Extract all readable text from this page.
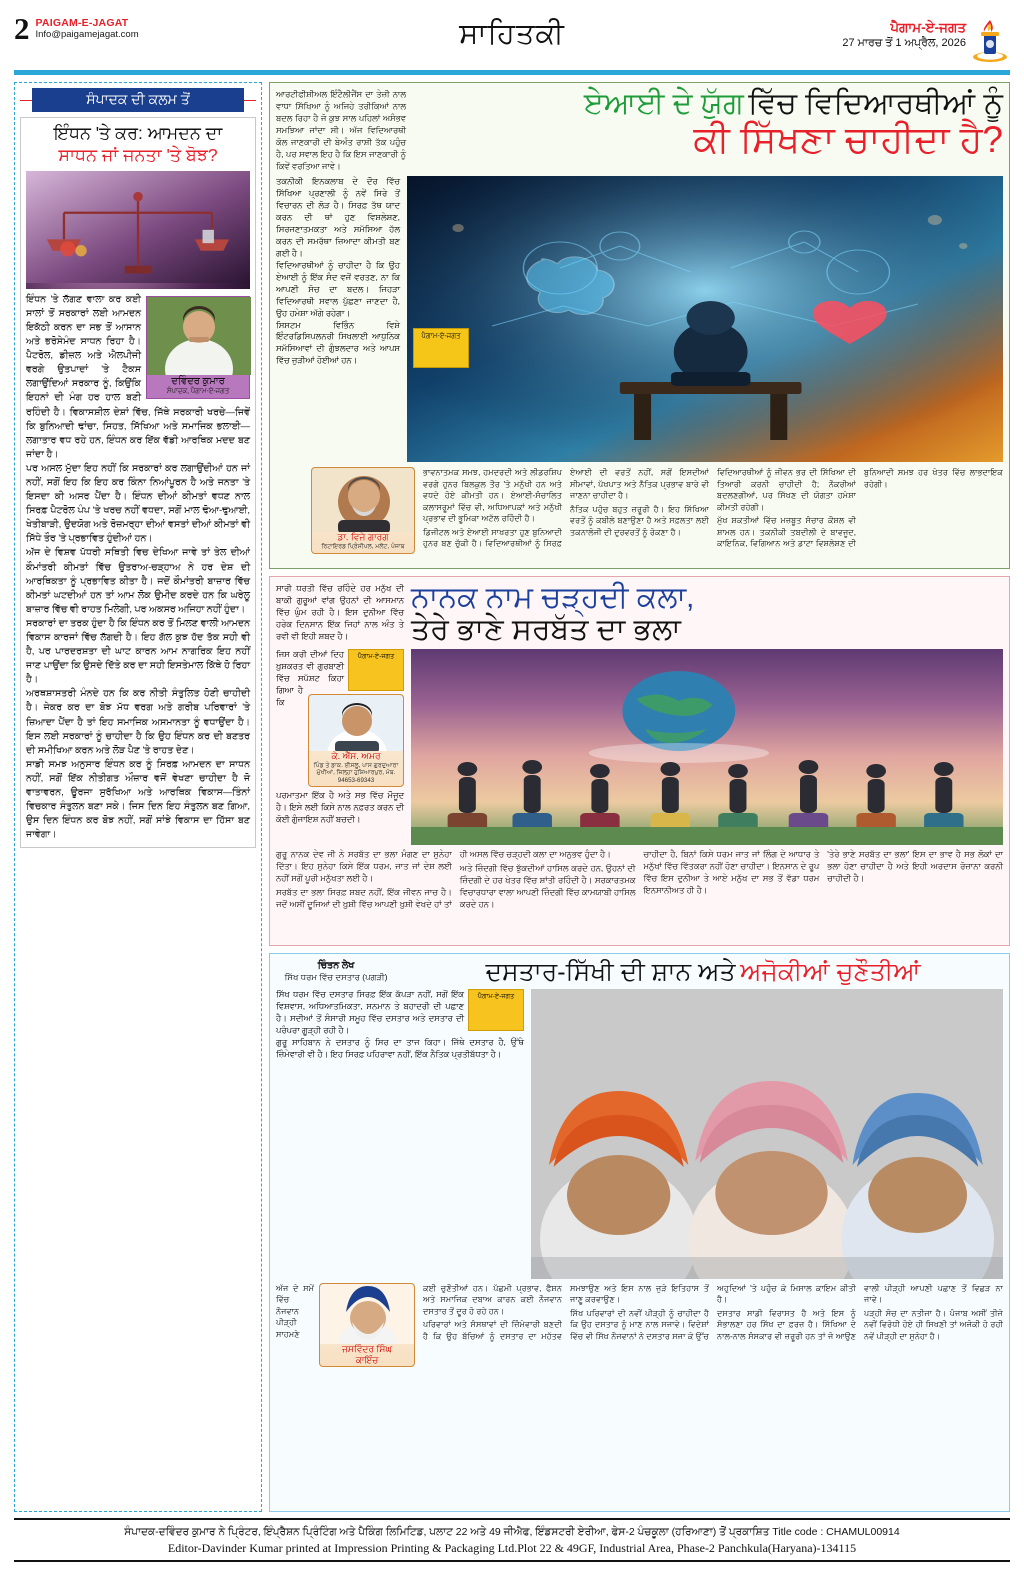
2 PAIGAM-E-JAGAT
Info@paigamejagat.com	ਸਾਹਿਤਕੀ	ਪੈਗਾਮ-ਏ-ਜਗਤ
27 ਮਾਰਚ ਤੋਂ 1 ਅਪ੍ਰੈਲ, 2026
ਸੰਪਾਦਕ ਦੀ ਕਲਮ ਤੋਂ
ਇੰਧਨ 'ਤੇ ਕਰ: ਆਮਦਨ ਦਾ
ਸਾਧਨ ਜਾਂ ਜਨਤਾ 'ਤੇ ਬੋਝ?
ਦਵਿੰਦਰ ਕੁਮਾਰ
ਸੰਪਾਦਕ, ਪੈਗਾਮ-ਏ-ਜਗਤ

ਇੰਧਨ 'ਤੇ ਲੱਗਣ ਵਾਲਾ ਕਰ ਕਈ ਸਾਲਾਂ ਤੋਂ ਸਰਕਾਰਾਂ ਲਈ ਆਮਦਨ ਇਕੱਠੀ ਕਰਨ ਦਾ ਸਭ ਤੋਂ ਆਸਾਨ ਅਤੇ ਭਰੋਸੇਮੰਦ ਸਾਧਨ ਰਿਹਾ ਹੈ। ਪੈਟਰੋਲ, ਡੀਜ਼ਲ ਅਤੇ ਐਲਪੀਜੀ ਵਰਗੇ ਉਤਪਾਦਾਂ 'ਤੇ ਟੈਕਸ ਲਗਾਉਂਦਿਆਂ ਸਰਕਾਰ ਨੂੰ, ਕਿਉਂਕਿ ਇਹਨਾਂ ਦੀ ਮੰਗ ਹਰ ਹਾਲ ਬਣੀ ਰਹਿੰਦੀ ਹੈ। ਵਿਕਾਸਸ਼ੀਲ ਦੇਸ਼ਾਂ ਵਿੱਚ, ਜਿੱਥੇ ਸਰਕਾਰੀ ਖਰਚੇ—ਜਿਵੇਂ ਕਿ ਬੁਨਿਆਦੀ ਢਾਂਚਾ, ਸਿਹਤ, ਸਿੱਖਿਆ ਅਤੇ ਸਮਾਜਿਕ ਭਲਾਈ—ਲਗਾਤਾਰ ਵਧ ਰਹੇ ਹਨ, ਇੰਧਨ ਕਰ ਇੱਕ ਵੱਡੀ ਆਰਥਿਕ ਮਦਦ ਬਣ ਜਾਂਦਾ ਹੈ।

ਪਰ ਅਸਲ ਮੁੱਦਾ ਇਹ ਨਹੀਂ ਕਿ ਸਰਕਾਰਾਂ ਕਰ ਲਗਾਉਂਦੀਆਂ ਹਨ ਜਾਂ ਨਹੀਂ, ਸਗੋਂ ਇਹ ਕਿ ਇਹ ਕਰ ਕਿੰਨਾ ਨਿਆਂਪੂਰਨ ਹੈ ਅਤੇ ਜਨਤਾ 'ਤੇ ਇਸਦਾ ਕੀ ਅਸਰ ਪੈਂਦਾ ਹੈ। ਇੰਧਨ ਦੀਆਂ ਕੀਮਤਾਂ ਵਧਣ ਨਾਲ ਸਿਰਫ਼ ਪੈਟਰੋਲ ਪੰਪ 'ਤੇ ਖਰਚ ਨਹੀਂ ਵਧਦਾ, ਸਗੋਂ ਮਾਲ ਢੋਆ-ਢੁਆਈ, ਖੇਤੀਬਾੜੀ, ਉਦਯੋਗ ਅਤੇ ਰੋਜ਼ਮਰ੍ਹਾ ਦੀਆਂ ਵਸਤਾਂ ਦੀਆਂ ਕੀਮਤਾਂ ਵੀ ਸਿੱਧੇ ਤੌਰ 'ਤੇ ਪ੍ਰਭਾਵਿਤ ਹੁੰਦੀਆਂ ਹਨ।

ਅੱਜ ਦੇ ਵਿਸ਼ਵ ਪੱਧਰੀ ਸਥਿਤੀ ਵਿਚ ਦੇਖਿਆ ਜਾਵੇ ਤਾਂ ਤੇਲ ਦੀਆਂ ਕੌਮਾਂਤਰੀ ਕੀਮਤਾਂ ਵਿੱਚ ਉਤਰਾਅ-ਚੜ੍ਹਾਅ ਨੇ ਹਰ ਦੇਸ਼ ਦੀ ਆਰਥਿਕਤਾ ਨੂੰ ਪ੍ਰਭਾਵਿਤ ਕੀਤਾ ਹੈ। ਜਦੋਂ ਕੌਮਾਂਤਰੀ ਬਾਜ਼ਾਰ ਵਿੱਚ ਕੀਮਤਾਂ ਘਟਦੀਆਂ ਹਨ ਤਾਂ ਆਮ ਲੋਕ ਉਮੀਦ ਕਰਦੇ ਹਨ ਕਿ ਘਰੇਲੂ ਬਾਜ਼ਾਰ ਵਿੱਚ ਵੀ ਰਾਹਤ ਮਿਲੇਗੀ, ਪਰ ਅਕਸਰ ਅਜਿਹਾ ਨਹੀਂ ਹੁੰਦਾ।

ਸਰਕਾਰਾਂ ਦਾ ਤਰਕ ਹੁੰਦਾ ਹੈ ਕਿ ਇੰਧਨ ਕਰ ਤੋਂ ਮਿਲਣ ਵਾਲੀ ਆਮਦਨ ਵਿਕਾਸ ਕਾਰਜਾਂ ਵਿੱਚ ਲੱਗਦੀ ਹੈ। ਇਹ ਗੱਲ ਕੁਝ ਹੱਦ ਤੱਕ ਸਹੀ ਵੀ ਹੈ, ਪਰ ਪਾਰਦਰਸ਼ਤਾ ਦੀ ਘਾਟ ਕਾਰਨ ਆਮ ਨਾਗਰਿਕ ਇਹ ਨਹੀਂ ਜਾਣ ਪਾਉਂਦਾ ਕਿ ਉਸਦੇ ਦਿੱਤੇ ਕਰ ਦਾ ਸਹੀ ਇਸਤੇਮਾਲ ਕਿੱਥੇ ਹੋ ਰਿਹਾ ਹੈ।

ਅਰਥਸ਼ਾਸਤਰੀ ਮੰਨਦੇ ਹਨ ਕਿ ਕਰ ਨੀਤੀ ਸੰਤੁਲਿਤ ਹੋਣੀ ਚਾਹੀਦੀ ਹੈ। ਜੇਕਰ ਕਰ ਦਾ ਬੋਝ ਮੱਧ ਵਰਗ ਅਤੇ ਗਰੀਬ ਪਰਿਵਾਰਾਂ 'ਤੇ ਜ਼ਿਆਦਾ ਪੈਂਦਾ ਹੈ ਤਾਂ ਇਹ ਸਮਾਜਿਕ ਅਸਮਾਨਤਾ ਨੂੰ ਵਧਾਉਂਦਾ ਹੈ। ਇਸ ਲਈ ਸਰਕਾਰਾਂ ਨੂੰ ਚਾਹੀਦਾ ਹੈ ਕਿ ਉਹ ਇੰਧਨ ਕਰ ਦੀ ਬਣਤਰ ਦੀ ਸਮੀਖਿਆ ਕਰਨ ਅਤੇ ਲੋੜ ਪੈਣ 'ਤੇ ਰਾਹਤ ਦੇਣ।

ਸਾਡੀ ਸਮਝ ਅਨੁਸਾਰ ਇੰਧਨ ਕਰ ਨੂੰ ਸਿਰਫ਼ ਆਮਦਨ ਦਾ ਸਾਧਨ ਨਹੀਂ, ਸਗੋਂ ਇੱਕ ਨੀਤੀਗਤ ਔਜ਼ਾਰ ਵਜੋਂ ਵੇਖਣਾ ਚਾਹੀਦਾ ਹੈ ਜੋ ਵਾਤਾਵਰਨ, ਊਰਜਾ ਸੁਰੱਖਿਆ ਅਤੇ ਆਰਥਿਕ ਵਿਕਾਸ—ਤਿੰਨਾਂ ਵਿਚਕਾਰ ਸੰਤੁਲਨ ਬਣਾ ਸਕੇ। ਜਿਸ ਦਿਨ ਇਹ ਸੰਤੁਲਨ ਬਣ ਗਿਆ, ਉਸ ਦਿਨ ਇੰਧਨ ਕਰ ਬੋਝ ਨਹੀਂ, ਸਗੋਂ ਸਾਂਝੇ ਵਿਕਾਸ ਦਾ ਹਿੱਸਾ ਬਣ ਜਾਵੇਗਾ।

ਆਰਟੀਫੀਸ਼ੀਅਲ ਇੰਟੈਲੀਜੈਂਸ ਦਾ ਤੇਜ਼ੀ ਨਾਲ ਵਾਧਾ ਸਿੱਖਿਆ ਨੂੰ ਅਜਿਹੇ ਤਰੀਕਿਆਂ ਨਾਲ ਬਦਲ ਰਿਹਾ ਹੈ ਜੋ ਕੁਝ ਸਾਲ ਪਹਿਲਾਂ ਅਸੰਭਵ ਸਮਝਿਆ ਜਾਂਦਾ ਸੀ। ਅੱਜ ਵਿਦਿਆਰਥੀ ਕੋਲ ਜਾਣਕਾਰੀ ਦੀ ਬੇਅੰਤ ਰਾਸ਼ੀ ਤੱਕ ਪਹੁੰਚ ਹੈ, ਪਰ ਸਵਾਲ ਇਹ ਹੈ ਕਿ ਇਸ ਜਾਣਕਾਰੀ ਨੂੰ ਕਿਵੇਂ ਵਰਤਿਆ ਜਾਵੇ।
ਏਆਈ ਦੇ ਯੁੱਗ ਵਿੱਚ ਵਿਦਿਆਰਥੀਆਂ ਨੂੰ
ਕੀ ਸਿੱਖਣਾ ਚਾਹੀਦਾ ਹੈ?

ਤਕਨੀਕੀ ਇਨਕਲਾਬ ਦੇ ਦੌਰ ਵਿੱਚ ਸਿੱਖਿਆ ਪ੍ਰਣਾਲੀ ਨੂੰ ਨਵੇਂ ਸਿਰੇ ਤੋਂ ਵਿਚਾਰਨ ਦੀ ਲੋੜ ਹੈ। ਸਿਰਫ਼ ਤੱਥ ਯਾਦ ਕਰਨ ਦੀ ਥਾਂ ਹੁਣ ਵਿਸ਼ਲੇਸ਼ਣ, ਸਿਰਜਣਾਤਮਕਤਾ ਅਤੇ ਸਮੱਸਿਆ ਹੱਲ ਕਰਨ ਦੀ ਸਮਰੱਥਾ ਜ਼ਿਆਦਾ ਕੀਮਤੀ ਬਣ ਗਈ ਹੈ।

ਵਿਦਿਆਰਥੀਆਂ ਨੂੰ ਚਾਹੀਦਾ ਹੈ ਕਿ ਉਹ ਏਆਈ ਨੂੰ ਇੱਕ ਸੰਦ ਵਜੋਂ ਵਰਤਣ, ਨਾ ਕਿ ਆਪਣੀ ਸੋਚ ਦਾ ਬਦਲ। ਜਿਹੜਾ ਵਿਦਿਆਰਥੀ ਸਵਾਲ ਪੁੱਛਣਾ ਜਾਣਦਾ ਹੈ, ਉਹ ਹਮੇਸ਼ਾ ਅੱਗੇ ਰਹੇਗਾ।

ਸਿਸਟਮ ਵਿਭਿੰਨ ਵਿਸ਼ੇ ਇੰਟਰਡਿਸਿਪਲਨਰੀ ਸਿਖਲਾਈ ਆਧੁਨਿਕ ਸਮੱਸਿਆਵਾਂ ਦੀ ਗੁੰਝਲਦਾਰ ਅਤੇ ਆਪਸ ਵਿੱਚ ਜੁੜੀਆਂ ਹੋਈਆਂ ਹਨ।

ਪੈਗਾਮ-ਏ-ਜਗਤ
ਡਾ. ਵਿਜੇ ਗਾਰਗ
ਰਿਟਾਇਰਡ ਪ੍ਰਿੰਸੀਪਲ, ਮਲੋਟ, ਪੰਜਾਬ

ਭਾਵਨਾਤਮਕ ਸਮਝ, ਹਮਦਰਦੀ ਅਤੇ ਲੀਡਰਸ਼ਿਪ ਵਰਗੇ ਹੁਨਰ ਬਿਲਕੁਲ ਤੌਰ 'ਤੇ ਮਨੁੱਖੀ ਹਨ ਅਤੇ ਵਧਦੇ ਹੋਏ ਕੀਮਤੀ ਹਨ। ਏਆਈ-ਸੰਚਾਲਿਤ ਕਲਾਸਰੂਮਾਂ ਵਿੱਚ ਵੀ, ਅਧਿਆਪਕਾਂ ਅਤੇ ਮਨੁੱਖੀ ਪ੍ਰਭਾਵ ਦੀ ਭੂਮਿਕਾ ਅਟੱਲ ਰਹਿੰਦੀ ਹੈ।

ਡਿਜੀਟਲ ਅਤੇ ਏਆਈ ਸਾਖਰਤਾ ਹੁਣ ਬੁਨਿਆਦੀ ਹੁਨਰ ਬਣ ਚੁੱਕੀ ਹੈ। ਵਿਦਿਆਰਥੀਆਂ ਨੂੰ ਸਿਰਫ਼ ਏਆਈ ਦੀ ਵਰਤੋਂ ਨਹੀਂ, ਸਗੋਂ ਇਸਦੀਆਂ ਸੀਮਾਵਾਂ, ਪੱਖਪਾਤ ਅਤੇ ਨੈਤਿਕ ਪ੍ਰਭਾਵ ਬਾਰੇ ਵੀ ਜਾਣਨਾ ਚਾਹੀਦਾ ਹੈ।

ਨੈਤਿਕ ਪਹੁੰਚ ਬਹੁਤ ਜ਼ਰੂਰੀ ਹੈ। ਇਹ ਸਿੱਖਿਆ ਵਰਤੋਂ ਨੂੰ ਕਬੀਲੇ ਬਣਾਉਣਾ ਹੈ ਅਤੇ ਸਫ਼ਲਤਾ ਲਈ ਤਕਨਾਲੋਜੀ ਦੀ ਦੁਰਵਰਤੋਂ ਨੂੰ ਰੋਕਣਾ ਹੈ।

ਵਿਦਿਆਰਥੀਆਂ ਨੂੰ ਜੀਵਨ ਭਰ ਦੀ ਸਿੱਖਿਆ ਦੀ ਤਿਆਰੀ ਕਰਨੀ ਚਾਹੀਦੀ ਹੈ; ਨੌਕਰੀਆਂ ਬਦਲਣਗੀਆਂ, ਪਰ ਸਿੱਖਣ ਦੀ ਯੋਗਤਾ ਹਮੇਸ਼ਾ ਕੀਮਤੀ ਰਹੇਗੀ।

ਮੁੱਖ ਸ਼ਕਤੀਆਂ ਵਿੱਚ ਮਜ਼ਬੂਤ ਸੰਚਾਰ ਕੌਸ਼ਲ ਵੀ ਸ਼ਾਮਲ ਹਨ। ਤਕਨੀਕੀ ਤਬਦੀਲੀ ਦੇ ਬਾਵਜੂਦ, ਕਾਇਨਿਕ, ਵਿਗਿਆਨ ਅਤੇ ਡਾਟਾ ਵਿਸ਼ਲੇਸ਼ਣ ਦੀ ਬੁਨਿਆਦੀ ਸਮਝ ਹਰ ਖੇਤਰ ਵਿੱਚ ਲਾਭਦਾਇਕ ਰਹੇਗੀ।

ਸਾਰੀ ਧਰਤੀ ਵਿੱਚ ਰਹਿੰਦੇ ਹਰ ਮਨੁੱਖ ਦੀ ਬਾਕੀ ਗੁਰੂਆਂ ਵਾਂਗ ਉਹਨਾਂ ਦੀ ਆਸਮਾਨ ਵਿੱਚ ਘੁੰਮ ਰਹੀ ਹੈ। ਇਸ ਦੁਨੀਆ ਵਿੱਚ ਹਰੇਕ ਦਿਨਸਾਨ ਇੱਕ ਜਿਹਾਂ ਨਾਲ ਅੰਤ ਤੇ ਰਵੀ ਵੀ ਇਹੀ ਸ਼ਬਦ ਹੈ।

ਨਾਨਕ ਨਾਮ ਚੜ੍ਹਦੀ ਕਲਾ,
ਤੇਰੇ ਭਾਣੇ ਸਰਬੱਤ ਦਾ ਭਲਾ
ਪੈਗਾਮ-ਏ-ਜਗਤ
ਕੇ. ਐੱਸ. ਅਮਰ
ਪਿੰਡ ਤੇ ਡਾਕ. ਈਸਲੂ, ਪਾਸ ਗੁਰਦੁਆਰਾ ਮੁੱਖੀਆਂ, ਜ਼ਿਲ੍ਹਾ ਹੁਸ਼ਿਆਰਪੁਰ, ਮੋਬ. 94653-69343

ਜਿਸ ਕਰੀ ਦੀਆਂ ਦਿਹ ਖ਼ੁਸ਼ਕਰਤ ਵੀ ਗੁਰਬਾਣੀ ਵਿੱਚ ਸਪੱਸ਼ਟ ਕਿਹਾ ਗਿਆ ਹੈ ਕਿ ਪਰਮਾਤਮਾ ਇੱਕ ਹੈ ਅਤੇ ਸਭ ਵਿੱਚ ਮੌਜੂਦ ਹੈ। ਇਸੇ ਲਈ ਕਿਸੇ ਨਾਲ ਨਫ਼ਰਤ ਕਰਨ ਦੀ ਕੋਈ ਗੁੰਜਾਇਸ਼ ਨਹੀਂ ਬਚਦੀ।

ਗੁਰੂ ਨਾਨਕ ਦੇਵ ਜੀ ਨੇ ਸਰਬੱਤ ਦਾ ਭਲਾ ਮੰਗਣ ਦਾ ਸੁਨੇਹਾ ਦਿੱਤਾ। ਇਹ ਸੁਨੇਹਾ ਕਿਸੇ ਇੱਕ ਧਰਮ, ਜਾਤ ਜਾਂ ਦੇਸ਼ ਲਈ ਨਹੀਂ ਸਗੋਂ ਪੂਰੀ ਮਨੁੱਖਤਾ ਲਈ ਹੈ।

ਸਰਬੱਤ ਦਾ ਭਲਾ ਸਿਰਫ਼ ਸ਼ਬਦ ਨਹੀਂ, ਇੱਕ ਜੀਵਨ ਜਾਚ ਹੈ। ਜਦੋਂ ਅਸੀਂ ਦੂਜਿਆਂ ਦੀ ਖ਼ੁਸ਼ੀ ਵਿੱਚ ਆਪਣੀ ਖ਼ੁਸ਼ੀ ਵੇਖਦੇ ਹਾਂ ਤਾਂ ਹੀ ਅਸਲ ਵਿੱਚ ਚੜ੍ਹਦੀ ਕਲਾ ਦਾ ਅਨੁਭਵ ਹੁੰਦਾ ਹੈ।

ਅਤੇ ਜ਼ਿੰਦਗੀ ਵਿੱਚ ਝੁੱਕਦੀਆਂ ਹਾਸਿਲ ਕਰਦੇ ਹਨ, ਉਹਨਾਂ ਦੀ ਜ਼ਿੰਦਗੀ ਦੇ ਹਰ ਖੇਤਰ ਵਿੱਚ ਸ਼ਾਂਤੀ ਰਹਿੰਦੀ ਹੈ। ਸਰਕਾਰਤਮਕ ਵਿਚਾਰਧਾਰਾ ਵਾਲਾ ਆਪਣੀ ਜ਼ਿੰਦਗੀ ਵਿੱਚ ਕਾਮਯਾਬੀ ਹਾਸਿਲ ਕਰਦੇ ਹਨ।

ਚਾਹੀਦਾ ਹੈ, ਬਿਨਾਂ ਕਿਸੇ ਧਰਮ ਜਾਤ ਜਾਂ ਲਿੰਗ ਦੇ ਆਧਾਰ ਤੇ ਮਨੁੱਖਾਂ ਵਿੱਚ ਵਿੱਤਕਰਾ ਨਹੀਂ ਹੋਣਾ ਚਾਹੀਦਾ। ਇਨਸਾਨ ਦੇ ਰੂਪ ਵਿੱਚ ਇਸ ਦੁਨੀਆ ਤੇ ਆਏ ਮਨੁੱਖ ਦਾ ਸਭ ਤੋਂ ਵੱਡਾ ਧਰਮ ਇਨਸਾਨੀਅਤ ਹੀ ਹੈ।

'ਤੇਰੇ ਭਾਣੇ ਸਰਬੱਤ ਦਾ ਭਲਾ' ਇਸ ਦਾ ਭਾਵ ਹੈ ਸਭ ਲੋਕਾਂ ਦਾ ਭਲਾ ਹੋਣਾ ਚਾਹੀਦਾ ਹੈ ਅਤੇ ਇਹੀ ਅਰਦਾਸ ਰੋਜ਼ਾਨਾ ਕਰਨੀ ਚਾਹੀਦੀ ਹੈ।

ਚਿੰਤਨ ਲੇਖ
ਸਿੱਖ ਧਰਮ ਵਿੱਚ ਦਸਤਾਰ (ਪਗੜੀ)	ਦਸਤਾਰ-ਸਿੱਖੀ ਦੀ ਸ਼ਾਨ ਅਤੇ ਅਜੋਕੀਆਂ ਚੁਣੌਤੀਆਂ
ਪੈਗਾਮ-ਏ-ਜਗਤ

ਸਿੱਖ ਧਰਮ ਵਿੱਚ ਦਸਤਾਰ ਸਿਰਫ਼ ਇੱਕ ਕੱਪੜਾ ਨਹੀਂ, ਸਗੋਂ ਇੱਕ ਵਿਸ਼ਵਾਸ, ਅਧਿਆਤਮਿਕਤਾ, ਸਨਮਾਨ ਤੇ ਬਹਾਦਰੀ ਦੀ ਪਛਾਣ ਹੈ। ਸਦੀਆਂ ਤੋਂ ਸੰਸਾਰੀ ਸਮੂਹ ਵਿੱਚ ਦਸਤਾਰ ਅਤੇ ਦਸਤਾਰ ਦੀ ਪਰੰਪਰਾ ਗੂੜ੍ਹੀ ਰਹੀ ਹੈ।

ਗੁਰੂ ਸਾਹਿਬਾਨ ਨੇ ਦਸਤਾਰ ਨੂੰ ਸਿਰ ਦਾ ਤਾਜ ਕਿਹਾ। ਜਿੱਥੇ ਦਸਤਾਰ ਹੈ, ਉੱਥੇ ਜ਼ਿੰਮੇਵਾਰੀ ਵੀ ਹੈ। ਇਹ ਸਿਰਫ਼ ਪਹਿਰਾਵਾ ਨਹੀਂ, ਇੱਕ ਨੈਤਿਕ ਪ੍ਰਤੀਬੱਧਤਾ ਹੈ।

ਜਸਵਿੰਦਰ ਸਿੰਘ
ਕਾਇੰਚ

ਅੱਜ ਦੇ ਸਮੇਂ ਵਿੱਚ ਨੌਜਵਾਨ ਪੀੜ੍ਹੀ ਸਾਹਮਣੇ ਕਈ ਚੁਣੌਤੀਆਂ ਹਨ। ਪੱਛਮੀ ਪ੍ਰਭਾਵ, ਫੈਸ਼ਨ ਅਤੇ ਸਮਾਜਿਕ ਦਬਾਅ ਕਾਰਨ ਕਈ ਨੌਜਵਾਨ ਦਸਤਾਰ ਤੋਂ ਦੂਰ ਹੋ ਰਹੇ ਹਨ।

ਪਰਿਵਾਰਾਂ ਅਤੇ ਸੰਸਥਾਵਾਂ ਦੀ ਜ਼ਿੰਮੇਵਾਰੀ ਬਣਦੀ ਹੈ ਕਿ ਉਹ ਬੱਚਿਆਂ ਨੂੰ ਦਸਤਾਰ ਦਾ ਮਹੱਤਵ ਸਮਝਾਉਣ ਅਤੇ ਇਸ ਨਾਲ ਜੁੜੇ ਇਤਿਹਾਸ ਤੋਂ ਜਾਣੂ ਕਰਵਾਉਣ।

ਸਿੱਖ ਪਰਿਵਾਰਾਂ ਦੀ ਨਵੀਂ ਪੀੜ੍ਹੀ ਨੂੰ ਚਾਹੀਦਾ ਹੈ ਕਿ ਉਹ ਦਸਤਾਰ ਨੂੰ ਮਾਣ ਨਾਲ ਸਜਾਵੇ। ਵਿਦੇਸ਼ਾਂ ਵਿੱਚ ਵੀ ਸਿੱਖ ਨੌਜਵਾਨਾਂ ਨੇ ਦਸਤਾਰ ਸਜਾ ਕੇ ਉੱਚ ਅਹੁਦਿਆਂ 'ਤੇ ਪਹੁੰਚ ਕੇ ਮਿਸਾਲ ਕਾਇਮ ਕੀਤੀ ਹੈ।

ਦਸਤਾਰ ਸਾਡੀ ਵਿਰਾਸਤ ਹੈ ਅਤੇ ਇਸ ਨੂੰ ਸੰਭਾਲਣਾ ਹਰ ਸਿੱਖ ਦਾ ਫ਼ਰਜ਼ ਹੈ। ਸਿੱਖਿਆ ਦੇ ਨਾਲ-ਨਾਲ ਸੰਸਕਾਰ ਵੀ ਜ਼ਰੂਰੀ ਹਨ ਤਾਂ ਜੋ ਆਉਣ ਵਾਲੀ ਪੀੜ੍ਹੀ ਆਪਣੀ ਪਛਾਣ ਤੋਂ ਵਿਛੜ ਨਾ ਜਾਵੇ।

ਪੜ੍ਹੀ ਸੋਚ ਦਾ ਨਤੀਜਾ ਹੈ। ਪੰਜਾਬ ਅਸੀਂ ਤੀਜੇ ਨਵੀਂ ਵਿਰੋਧੀ ਹੋਏ ਹੀ ਸਿਖਣੀ ਤਾਂ ਅਜੋਕੀ ਹੋ ਰਹੀ ਨਵੇਂ ਪੀੜ੍ਹੀ ਦਾ ਸੁਨੇਹਾ ਹੈ।

ਸੰਪਾਦਕ-ਦਵਿੰਦਰ ਕੁਮਾਰ ਨੇ ਪ੍ਰਿੰਟਰ, ਇੰਪ੍ਰੈਸ਼ਨ ਪ੍ਰਿੰਟਿੰਗ ਅਤੇ ਪੈਕਿੰਗ ਲਿਮਿਟਿਡ, ਪਲਾਟ 22 ਅਤੇ 49 ਜੀਐਫ, ਇੰਡਸਟਰੀ ਏਰੀਆ, ਫੇਸ-2 ਪੰਚਕੂਲਾ (ਹਰਿਆਣਾ) ਤੋਂ ਪ੍ਰਕਾਸ਼ਿਤ Title code : CHAMUL00914
Editor-Davinder Kumar printed at Impression Printing & Packaging Ltd.Plot 22 & 49GF, Industrial Area, Phase-2 Panchkula(Haryana)-134115
